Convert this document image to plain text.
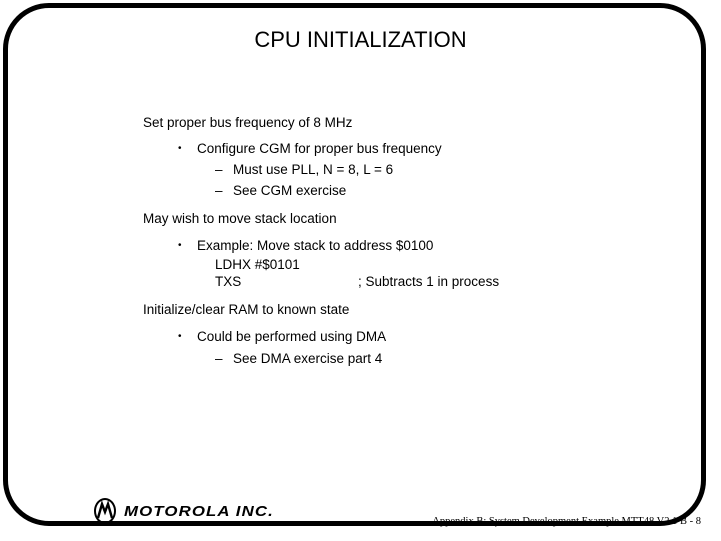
CPU INITIALIZATION
Set proper bus frequency of 8 MHz
• Configure CGM for proper bus frequency
– Must use PLL, N = 8, L = 6
– See CGM exercise
May wish to move stack location
• Example: Move stack to address $0100
LDHX #$0101
TXS	; Subtracts 1 in process
Initialize/clear RAM to known state
• Could be performed using DMA
– See DMA exercise part 4
MOTOROLA INC.
Appendix B: System Development Example MTT48 V2.1 B - 8
